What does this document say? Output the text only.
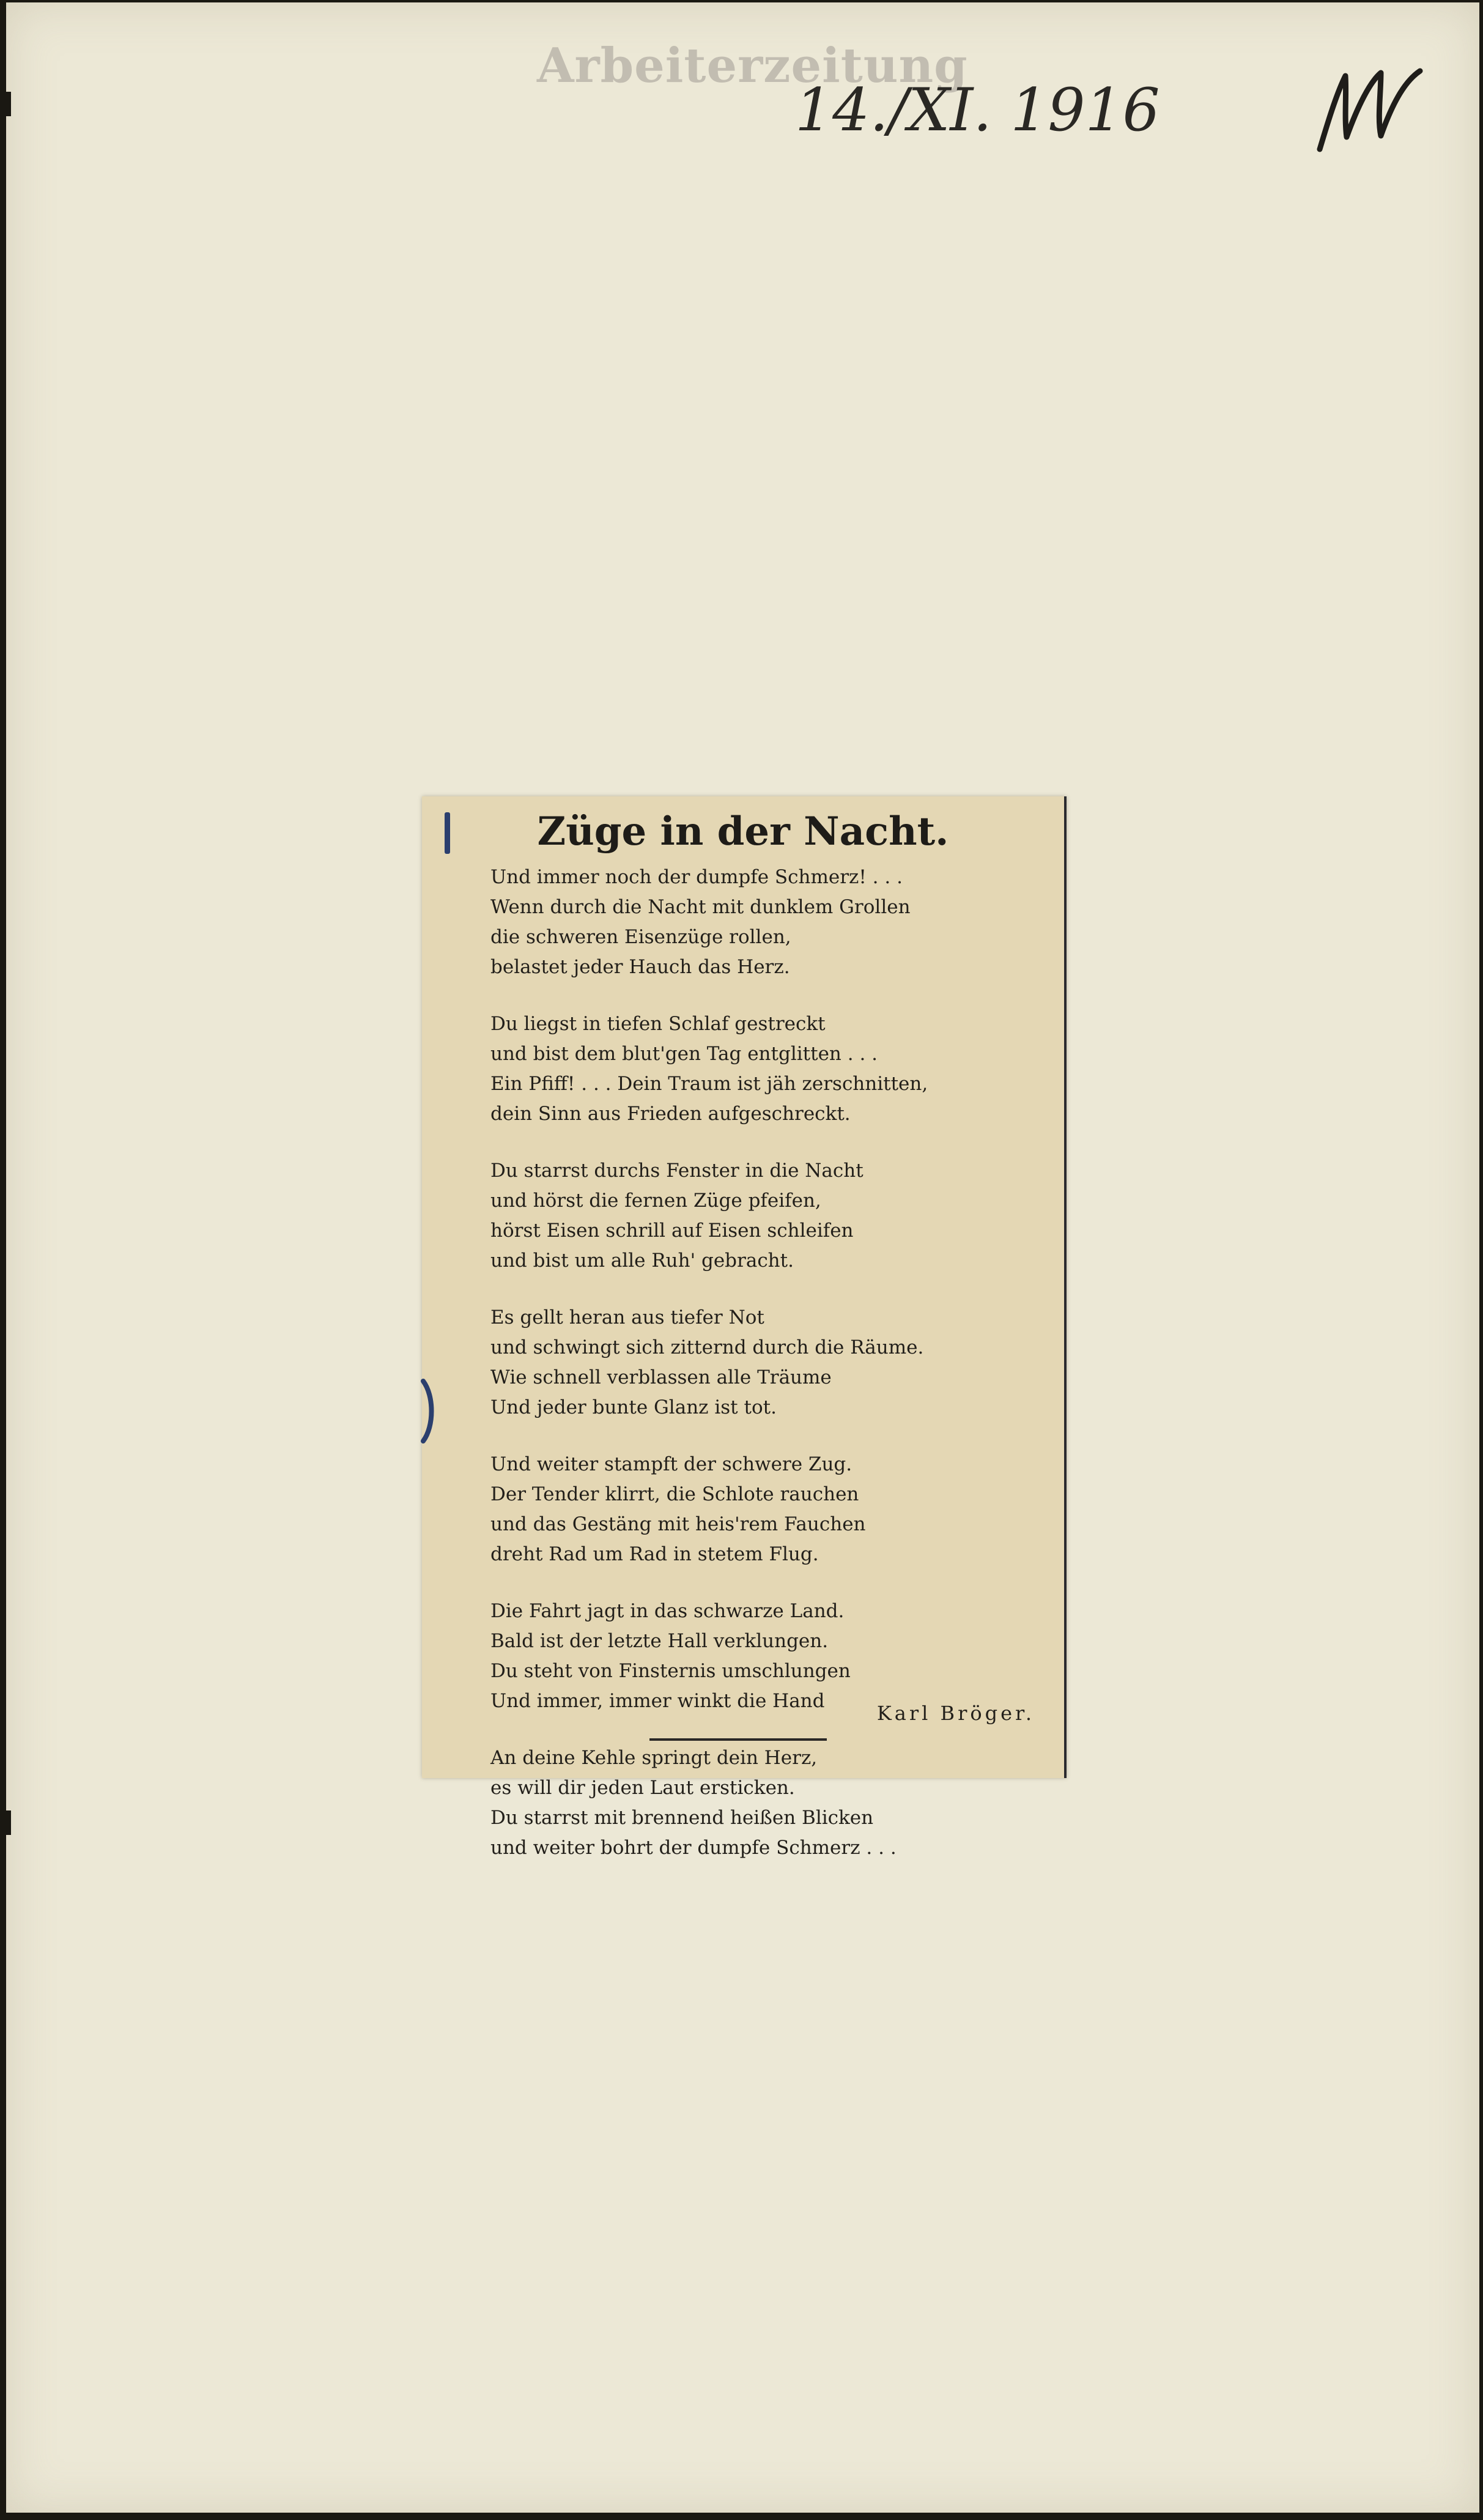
Arbeiterzeitung
14./XI. 1916
Züge in der Nacht.
Und immer noch der dumpfe Schmerz! . . .
Wenn durch die Nacht mit dunklem Grollen
die schweren Eisenzüge rollen,
belastet jeder Hauch das Herz.
Du liegst in tiefen Schlaf gestreckt
und bist dem blut'gen Tag entglitten . . .
Ein Pfiff! . . . Dein Traum ist jäh zerschnitten,
dein Sinn aus Frieden aufgeschreckt.
Du starrst durchs Fenster in die Nacht
und hörst die fernen Züge pfeifen,
hörst Eisen schrill auf Eisen schleifen
und bist um alle Ruh' gebracht.
Es gellt heran aus tiefer Not
und schwingt sich zitternd durch die Räume.
Wie schnell verblassen alle Träume
Und jeder bunte Glanz ist tot.
Und weiter stampft der schwere Zug.
Der Tender klirrt, die Schlote rauchen
und das Gestäng mit heis'rem Fauchen
dreht Rad um Rad in stetem Flug.
Die Fahrt jagt in das schwarze Land.
Bald ist der letzte Hall verklungen.
Du steht von Finsternis umschlungen
Und immer, immer winkt die Hand
An deine Kehle springt dein Herz,
es will dir jeden Laut ersticken.
Du starrst mit brennend heißen Blicken
und weiter bohrt der dumpfe Schmerz . . .
Karl Bröger.
